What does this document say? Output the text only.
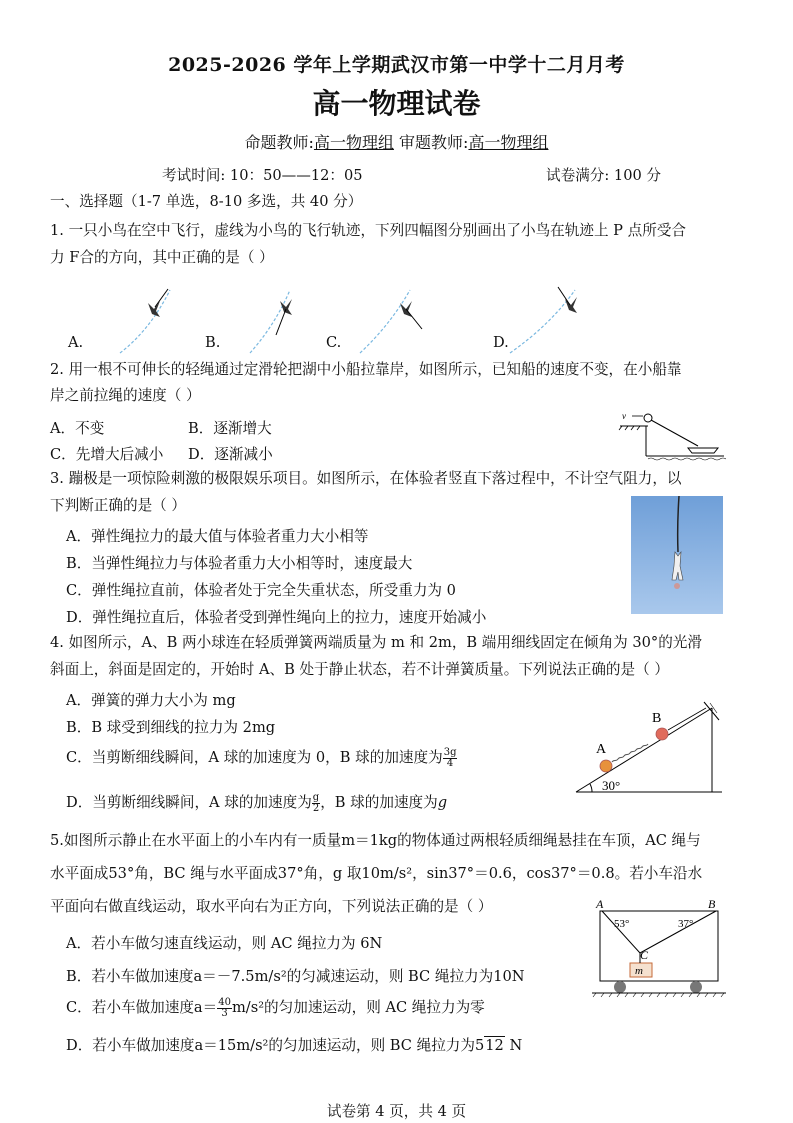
2025-2026 学年上学期武汉市第一中学十二月月考
高一物理试卷
命题教师:高一物理组 审题教师:高一物理组
考试时间: 10：50——12：05	试卷满分: 100 分
一、选择题（1-7 单选，8-10 多选，共 40 分）
1. 一只小鸟在空中飞行，虚线为小鸟的飞行轨迹，下列四幅图分别画出了小鸟在轨迹上 P 点所受合
力 F合的方向，其中正确的是（ ）
A.	B.	C.	D.
2. 用一根不可伸长的轻绳通过定滑轮把湖中小船拉靠岸，如图所示，已知船的速度不变，在小船靠
岸之前拉绳的速度（ ）
A．不变	B．逐渐增大
C．先增大后减小 D．逐渐减小
v
3. 蹦极是一项惊险刺激的极限娱乐项目。如图所示，在体验者竖直下落过程中，不计空气阻力，以
下判断正确的是（ ）
A．弹性绳拉力的最大值与体验者重力大小相等
B．当弹性绳拉力与体验者重力大小相等时，速度最大
C．弹性绳拉直前，体验者处于完全失重状态，所受重力为 0
D．弹性绳拉直后，体验者受到弹性绳向上的拉力，速度开始减小
4. 如图所示，A、B 两小球连在轻质弹簧两端质量为 m 和 2m，B 端用细线固定在倾角为 30°的光滑
斜面上，斜面是固定的，开始时 A、B 处于静止状态，若不计弹簧质量。下列说法正确的是（ ）
A．弹簧的弹力大小为 mg
B．B 球受到细线的拉力为 2mg
C．当剪断细线瞬间，A 球的加速度为 0，B 球的加速度为 $\frac{3g}{4}$
D．当剪断细线瞬间，A 球的加速度为 $\frac{g}{2}$ ，B 球的加速度为g
A
B
30°
5.如图所示静止在水平面上的小车内有一质量m＝1kg的物体通过两根轻质细绳悬挂在车顶，AC 绳与
水平面成53°角，BC 绳与水平面成37°角，g 取10m/s²，sin37°＝0.6，cos37°＝0.8。若小车沿水
平面向右做直线运动，取水平向右为正方向，下列说法正确的是（ ）
A．若小车做匀速直线运动，则 AC 绳拉力为 6N
B．若小车做加速度a＝－7.5m/s²的匀减速运动，则 BC 绳拉力为10N
C．若小车做加速度$a= \frac{40}{3} m/s^2$的匀加速运动，则 AC 绳拉力为零
D．若小车做加速度a＝15m/s²的匀加速运动，则 BC 绳拉力为512 N
m
A	B
C
53°	37°
试卷第 4 页，共 4 页
